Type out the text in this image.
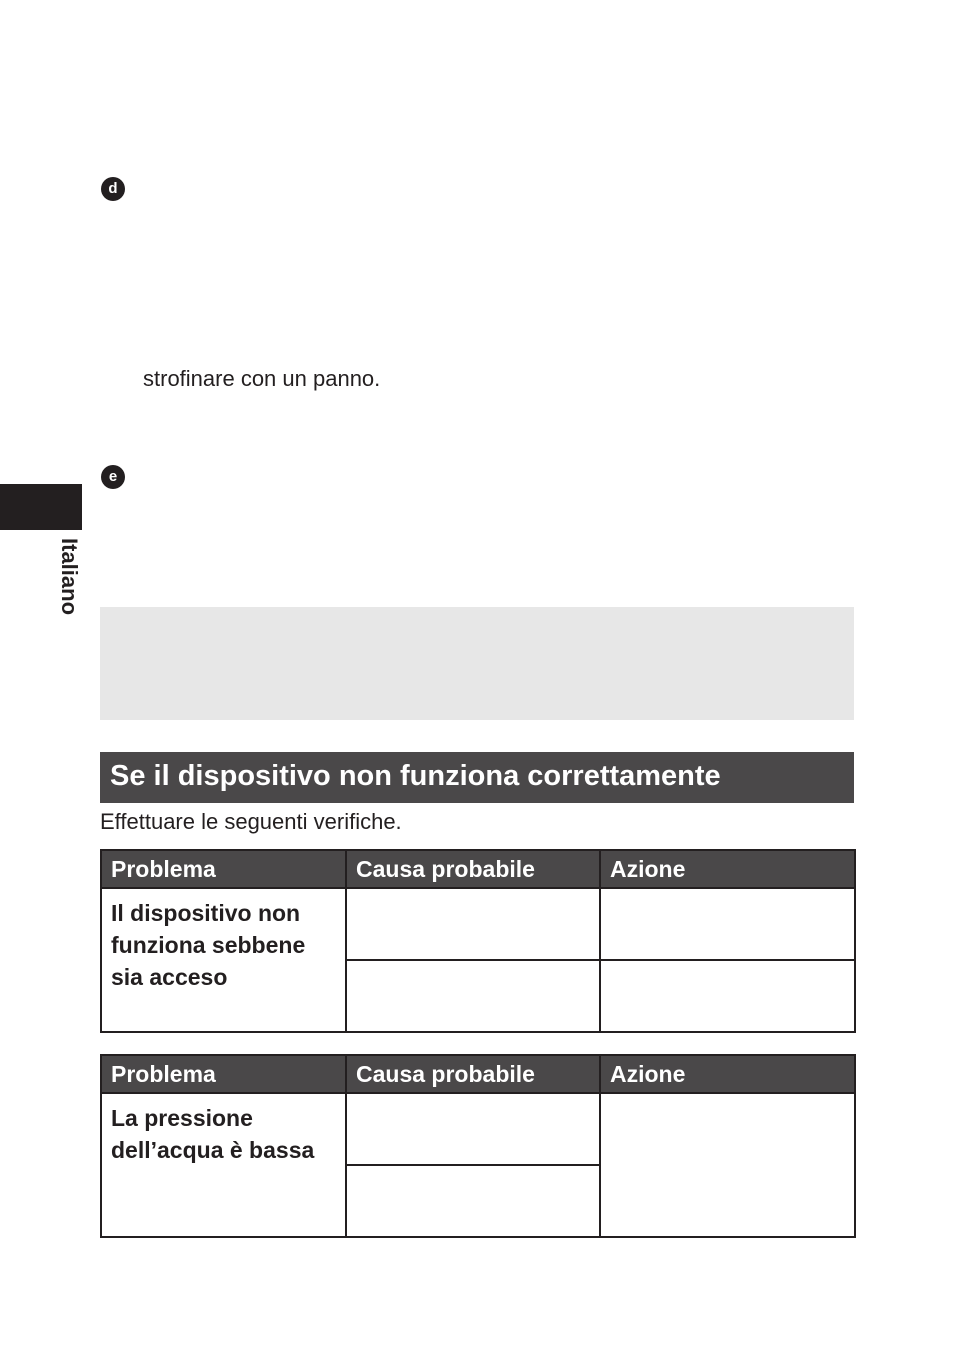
d
strofinare con un panno.
e
Italiano
Se il dispositivo non funziona correttamente
Effettuare le seguenti verifiche.
Problema	Causa probabile	Azione
Il dispositivo non funziona sebbene sia acceso		

Problema	Causa probabile	Azione
La pressione dell’acqua è bassa		
